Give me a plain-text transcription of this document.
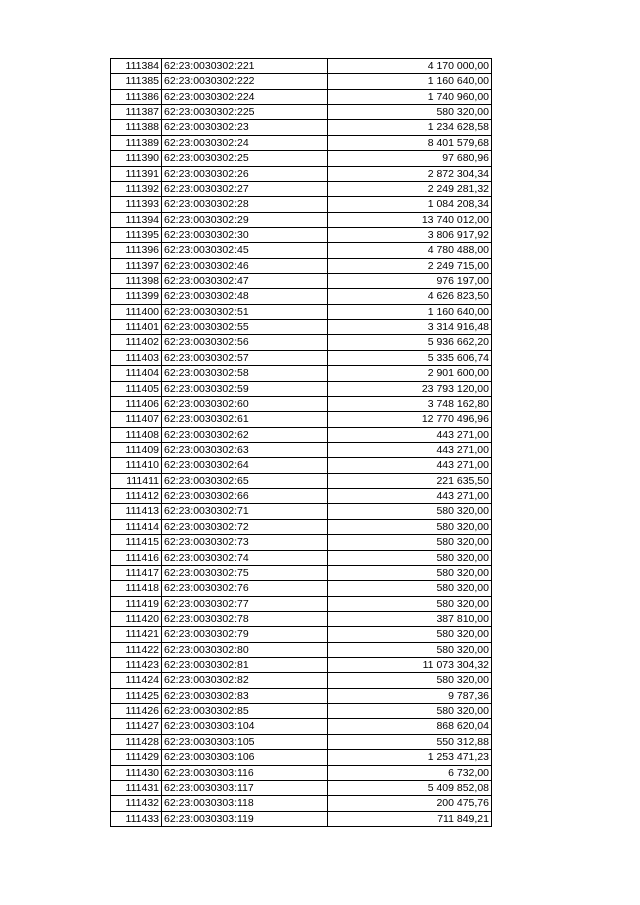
111384	62:23:0030302:221	4 170 000,00
111385	62:23:0030302:222	1 160 640,00
111386	62:23:0030302:224	1 740 960,00
111387	62:23:0030302:225	580 320,00
111388	62:23:0030302:23	1 234 628,58
111389	62:23:0030302:24	8 401 579,68
111390	62:23:0030302:25	97 680,96
111391	62:23:0030302:26	2 872 304,34
111392	62:23:0030302:27	2 249 281,32
111393	62:23:0030302:28	1 084 208,34
111394	62:23:0030302:29	13 740 012,00
111395	62:23:0030302:30	3 806 917,92
111396	62:23:0030302:45	4 780 488,00
111397	62:23:0030302:46	2 249 715,00
111398	62:23:0030302:47	976 197,00
111399	62:23:0030302:48	4 626 823,50
111400	62:23:0030302:51	1 160 640,00
111401	62:23:0030302:55	3 314 916,48
111402	62:23:0030302:56	5 936 662,20
111403	62:23:0030302:57	5 335 606,74
111404	62:23:0030302:58	2 901 600,00
111405	62:23:0030302:59	23 793 120,00
111406	62:23:0030302:60	3 748 162,80
111407	62:23:0030302:61	12 770 496,96
111408	62:23:0030302:62	443 271,00
111409	62:23:0030302:63	443 271,00
111410	62:23:0030302:64	443 271,00
111411	62:23:0030302:65	221 635,50
111412	62:23:0030302:66	443 271,00
111413	62:23:0030302:71	580 320,00
111414	62:23:0030302:72	580 320,00
111415	62:23:0030302:73	580 320,00
111416	62:23:0030302:74	580 320,00
111417	62:23:0030302:75	580 320,00
111418	62:23:0030302:76	580 320,00
111419	62:23:0030302:77	580 320,00
111420	62:23:0030302:78	387 810,00
111421	62:23:0030302:79	580 320,00
111422	62:23:0030302:80	580 320,00
111423	62:23:0030302:81	11 073 304,32
111424	62:23:0030302:82	580 320,00
111425	62:23:0030302:83	9 787,36
111426	62:23:0030302:85	580 320,00
111427	62:23:0030303:104	868 620,04
111428	62:23:0030303:105	550 312,88
111429	62:23:0030303:106	1 253 471,23
111430	62:23:0030303:116	6 732,00
111431	62:23:0030303:117	5 409 852,08
111432	62:23:0030303:118	200 475,76
111433	62:23:0030303:119	711 849,21
